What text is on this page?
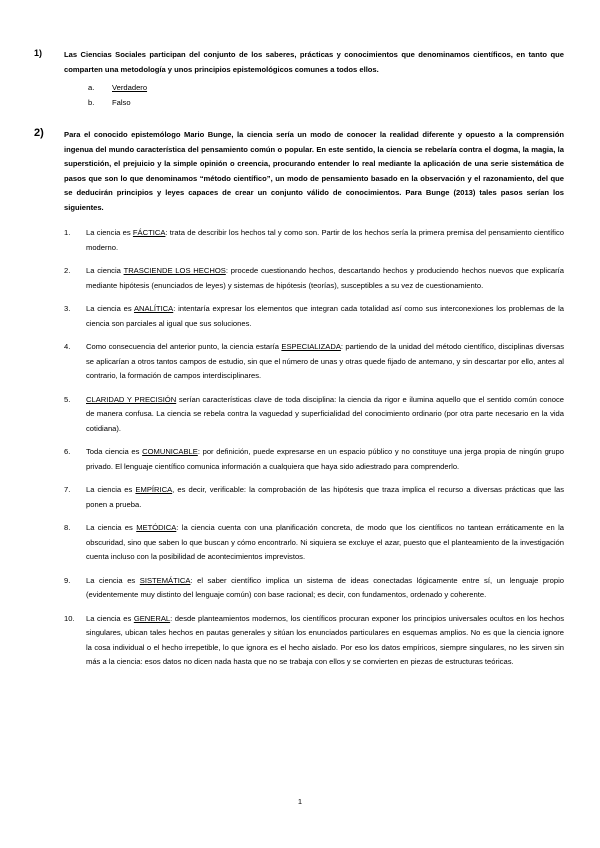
1)	Las Ciencias Sociales participan del conjunto de los saberes, prácticas y conocimientos que denominamos científicos, en tanto que comparten una metodología y unos principios epistemológicos comunes a todos ellos.
a.	Verdadero
b.	Falso
2)	Para el conocido epistemólogo Mario Bunge, la ciencia sería un modo de conocer la realidad diferente y opuesto a la comprensión ingenua del mundo característica del pensamiento común o popular. En este sentido, la ciencia se rebelaría contra el dogma, la magia, la superstición, el prejuicio y la simple opinión o creencia, procurando entender lo real mediante la aplicación de una serie sistemática de pasos que son lo que denominamos “método científico”, un modo de pensamiento basado en la observación y el razonamiento, del que se deducirán principios y leyes capaces de crear un conjunto válido de conocimientos. Para Bunge (2013) tales pasos serían los siguientes.
1.	La ciencia es FÁCTICA: trata de describir los hechos tal y como son. Partir de los hechos sería la primera premisa del pensamiento científico moderno.
2.	La ciencia TRASCIENDE LOS HECHOS: procede cuestionando hechos, descartando hechos y produciendo hechos nuevos que explicaría mediante hipótesis (enunciados de leyes) y sistemas de hipótesis (teorías), susceptibles a su vez de cuestionamiento.
3.	La ciencia es ANALÍTICA: intentaría expresar los elementos que integran cada totalidad así como sus interconexiones los problemas de la ciencia son parciales al igual que sus soluciones.
4.	Como consecuencia del anterior punto, la ciencia estaría ESPECIALIZADA: partiendo de la unidad del método científico, disciplinas diversas se aplicarían a otros tantos campos de estudio, sin que el número de unas y otras quede fijado de antemano, y sin descartar por ello, antes al contrario, la formación de campos interdisciplinares.
5.	CLARIDAD Y PRECISIÓN serían características clave de toda disciplina: la ciencia da rigor e ilumina aquello que el sentido común conoce de manera confusa. La ciencia se rebela contra la vaguedad y superficialidad del conocimiento ordinario (por otra parte necesario en la vida cotidiana).
6.	Toda ciencia es COMUNICABLE: por definición, puede expresarse en un espacio público y no constituye una jerga propia de ningún grupo privado. El lenguaje científico comunica información a cualquiera que haya sido adiestrado para comprenderlo.
7.	La ciencia es EMPÍRICA, es decir, verificable: la comprobación de las hipótesis que traza implica el recurso a diversas prácticas que las ponen a prueba.
8.	La ciencia es METÓDICA: la ciencia cuenta con una planificación concreta, de modo que los científicos no tantean erráticamente en la obscuridad, sino que saben lo que buscan y cómo encontrarlo. Ni siquiera se excluye el azar, puesto que el planteamiento de la investigación cuenta incluso con la posibilidad de acontecimientos imprevistos.
9.	La ciencia es SISTEMÁTICA: el saber científico implica un sistema de ideas conectadas lógicamente entre sí, un lenguaje propio (evidentemente muy distinto del lenguaje común) con base racional; es decir, con fundamentos, ordenado y coherente.
10.	La ciencia es GENERAL: desde planteamientos modernos, los científicos procuran exponer los principios universales ocultos en los hechos singulares, ubican tales hechos en pautas generales y sitúan los enunciados particulares en esquemas amplios. No es que la ciencia ignore la cosa individual o el hecho irrepetible, lo que ignora es el hecho aislado. Por eso los datos empíricos, siempre singulares, no les sirven sin más a la ciencia: esos datos no dicen nada hasta que no se trabaja con ellos y se convierten en piezas de estructuras teóricas.
1
